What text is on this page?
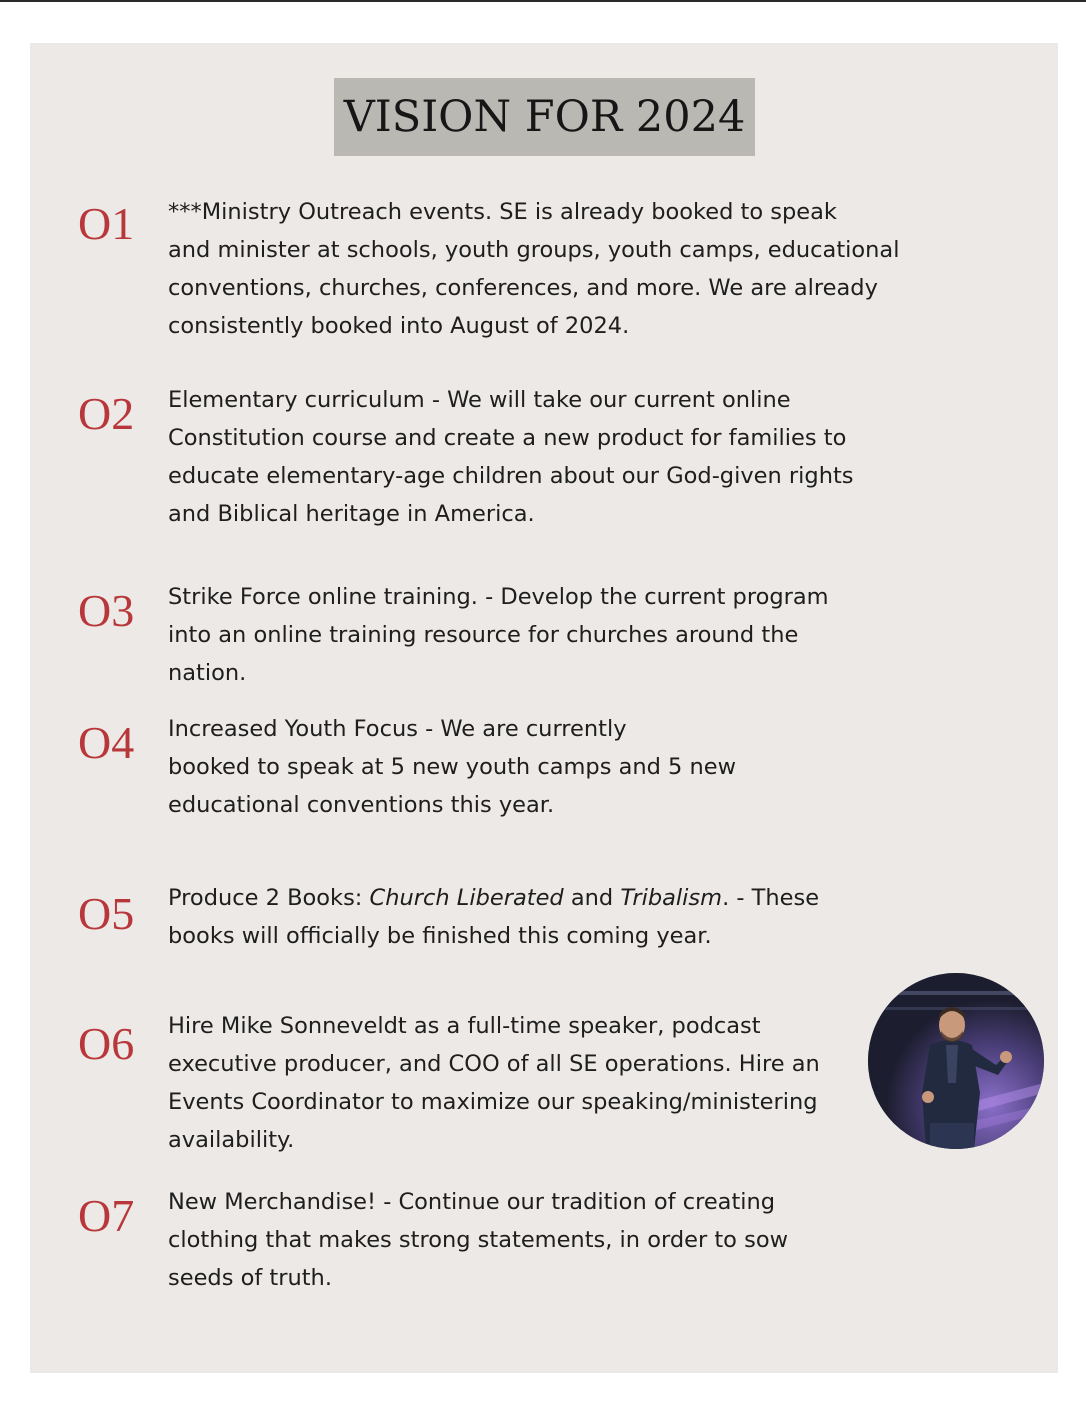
VISION FOR 2024
O1	***Ministry Outreach events. SE is already booked to speak
and minister at schools, youth groups, youth camps, educational
conventions, churches, conferences, and more. We are already
consistently booked into August of 2024.
O2	Elementary curriculum - We will take our current online
Constitution course and create a new product for families to
educate elementary-age children about our God-given rights
and Biblical heritage in America.
O3	Strike Force online training. - Develop the current program
into an online training resource for churches around the
nation.
O4	Increased Youth Focus - We are currently
booked to speak at 5 new youth camps and 5 new
educational conventions this year.
O5	Produce 2 Books: Church Liberated and Tribalism. - These
books will officially be finished this coming year.
O6	Hire Mike Sonneveldt as a full-time speaker, podcast
executive producer, and COO of all SE operations. Hire an
Events Coordinator to maximize our speaking/ministering
availability.
O7	New Merchandise! - Continue our tradition of creating
clothing that makes strong statements, in order to sow
seeds of truth.
